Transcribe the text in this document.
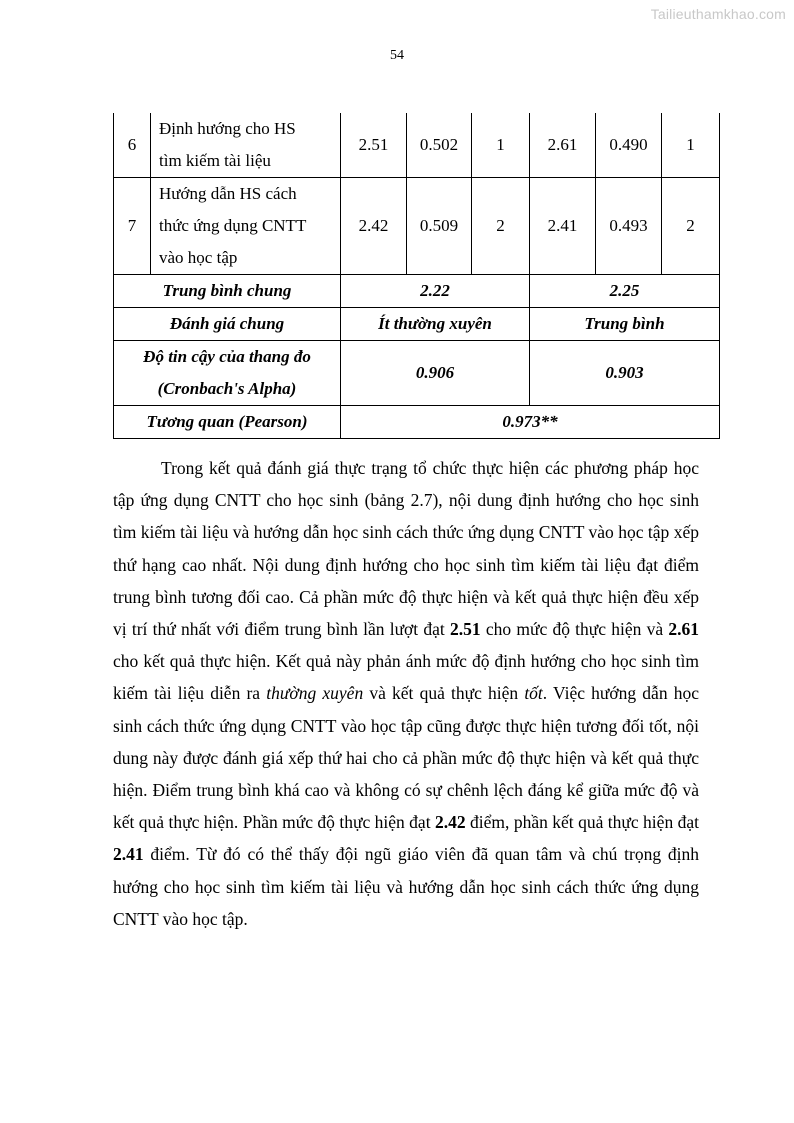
Tailieuthamkhao.com
54
6	Định hướng cho HS
tìm kiếm tài liệu	2.51	0.502	1	2.61	0.490	1
7	Hướng dẫn HS cách
thức ứng dụng CNTT
vào học tập	2.42	0.509	2	2.41	0.493	2
Trung bình chung		2.22			2.25		
Đánh giá chung		Ít thường xuyên			Trung bình		
Độ tin cậy của thang đo
(Cronbach's Alpha)		0.906			0.903		
Tương quan (Pearson)		0.973**					

Trong kết quả đánh giá thực trạng tổ chức thực hiện các phương pháp học tập ứng dụng CNTT cho học sinh (bảng 2.7), nội dung định hướng cho học sinh tìm kiếm tài liệu và hướng dẫn học sinh cách thức ứng dụng CNTT vào học tập xếp thứ hạng cao nhất. Nội dung định hướng cho học sinh tìm kiếm tài liệu đạt điểm trung bình tương đối cao. Cả phần mức độ thực hiện và kết quả thực hiện đều xếp vị trí thứ nhất với điểm trung bình lần lượt đạt 2.51 cho mức độ thực hiện và 2.61 cho kết quả thực hiện. Kết quả này phản ánh mức độ định hướng cho học sinh tìm kiếm tài liệu diễn ra thường xuyên và kết quả thực hiện tốt. Việc hướng dẫn học sinh cách thức ứng dụng CNTT vào học tập cũng được thực hiện tương đối tốt, nội dung này được đánh giá xếp thứ hai cho cả phần mức độ thực hiện và kết quả thực hiện. Điểm trung bình khá cao và không có sự chênh lệch đáng kể giữa mức độ và kết quả thực hiện. Phần mức độ thực hiện đạt 2.42 điểm, phần kết quả thực hiện đạt 2.41 điểm. Từ đó có thể thấy đội ngũ giáo viên đã quan tâm và chú trọng định hướng cho học sinh tìm kiếm tài liệu và hướng dẫn học sinh cách thức ứng dụng CNTT vào học tập.
